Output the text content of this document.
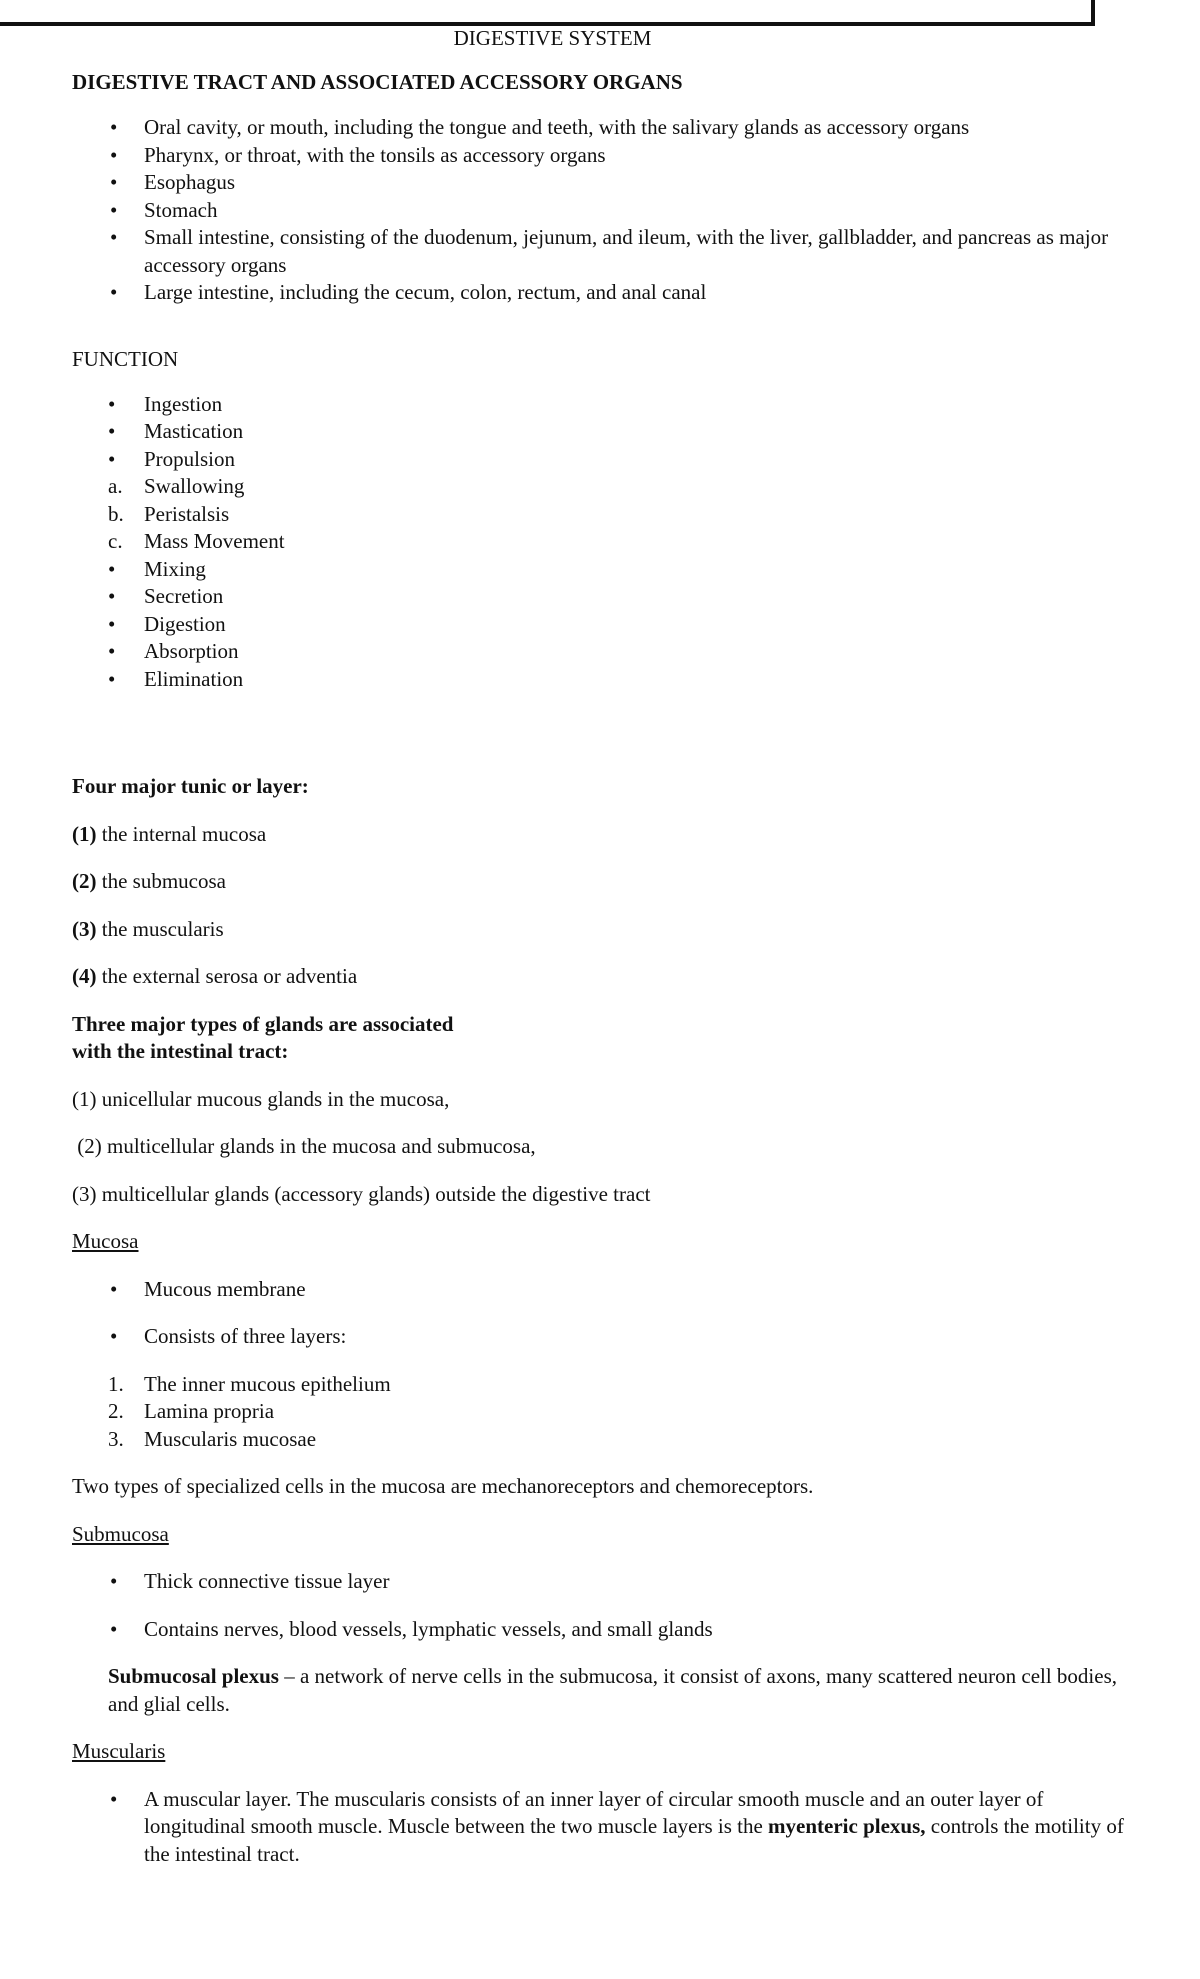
DIGESTIVE SYSTEM
DIGESTIVE TRACT AND ASSOCIATED ACCESSORY ORGANS
•	Oral cavity, or mouth, including the tongue and teeth, with the salivary glands as accessory organs
•	Pharynx, or throat, with the tonsils as accessory organs
•	Esophagus
•	Stomach
•	Small intestine, consisting of the duodenum, jejunum, and ileum, with the liver, gallbladder, and pancreas as major accessory organs
•	Large intestine, including the cecum, colon, rectum, and anal canal
FUNCTION
•	Ingestion
•	Mastication
•	Propulsion
a.	Swallowing
b. Peristalsis
c.	Mass Movement
•	Mixing
•	Secretion
•	Digestion
•	Absorption
•	Elimination

Four major tunic or layer:

(1) the internal mucosa

(2) the submucosa

(3) the muscularis

(4) the external serosa or adventia

Three major types of glands are associated
with the intestinal tract:

(1) unicellular mucous glands in the mucosa,

(2) multicellular glands in the mucosa and submucosa,

(3) multicellular glands (accessory glands) outside the digestive tract

Mucosa

•	Mucous membrane
•	Consists of three layers:
1. The inner mucous epithelium
2. Lamina propria
3. Muscularis mucosae

Two types of specialized cells in the mucosa are mechanoreceptors and chemoreceptors.

Submucosa

•	Thick connective tissue layer
•	Contains nerves, blood vessels, lymphatic vessels, and small glands
Submucosal plexus – a network of nerve cells in the submucosa, it consist of axons, many scattered neuron cell bodies, and glial cells.

Muscularis

•	A muscular layer. The muscularis consists of an inner layer of circular smooth muscle and an outer layer of longitudinal smooth muscle. Muscle between the two muscle layers is the myenteric plexus, controls the motility of the intestinal tract.
